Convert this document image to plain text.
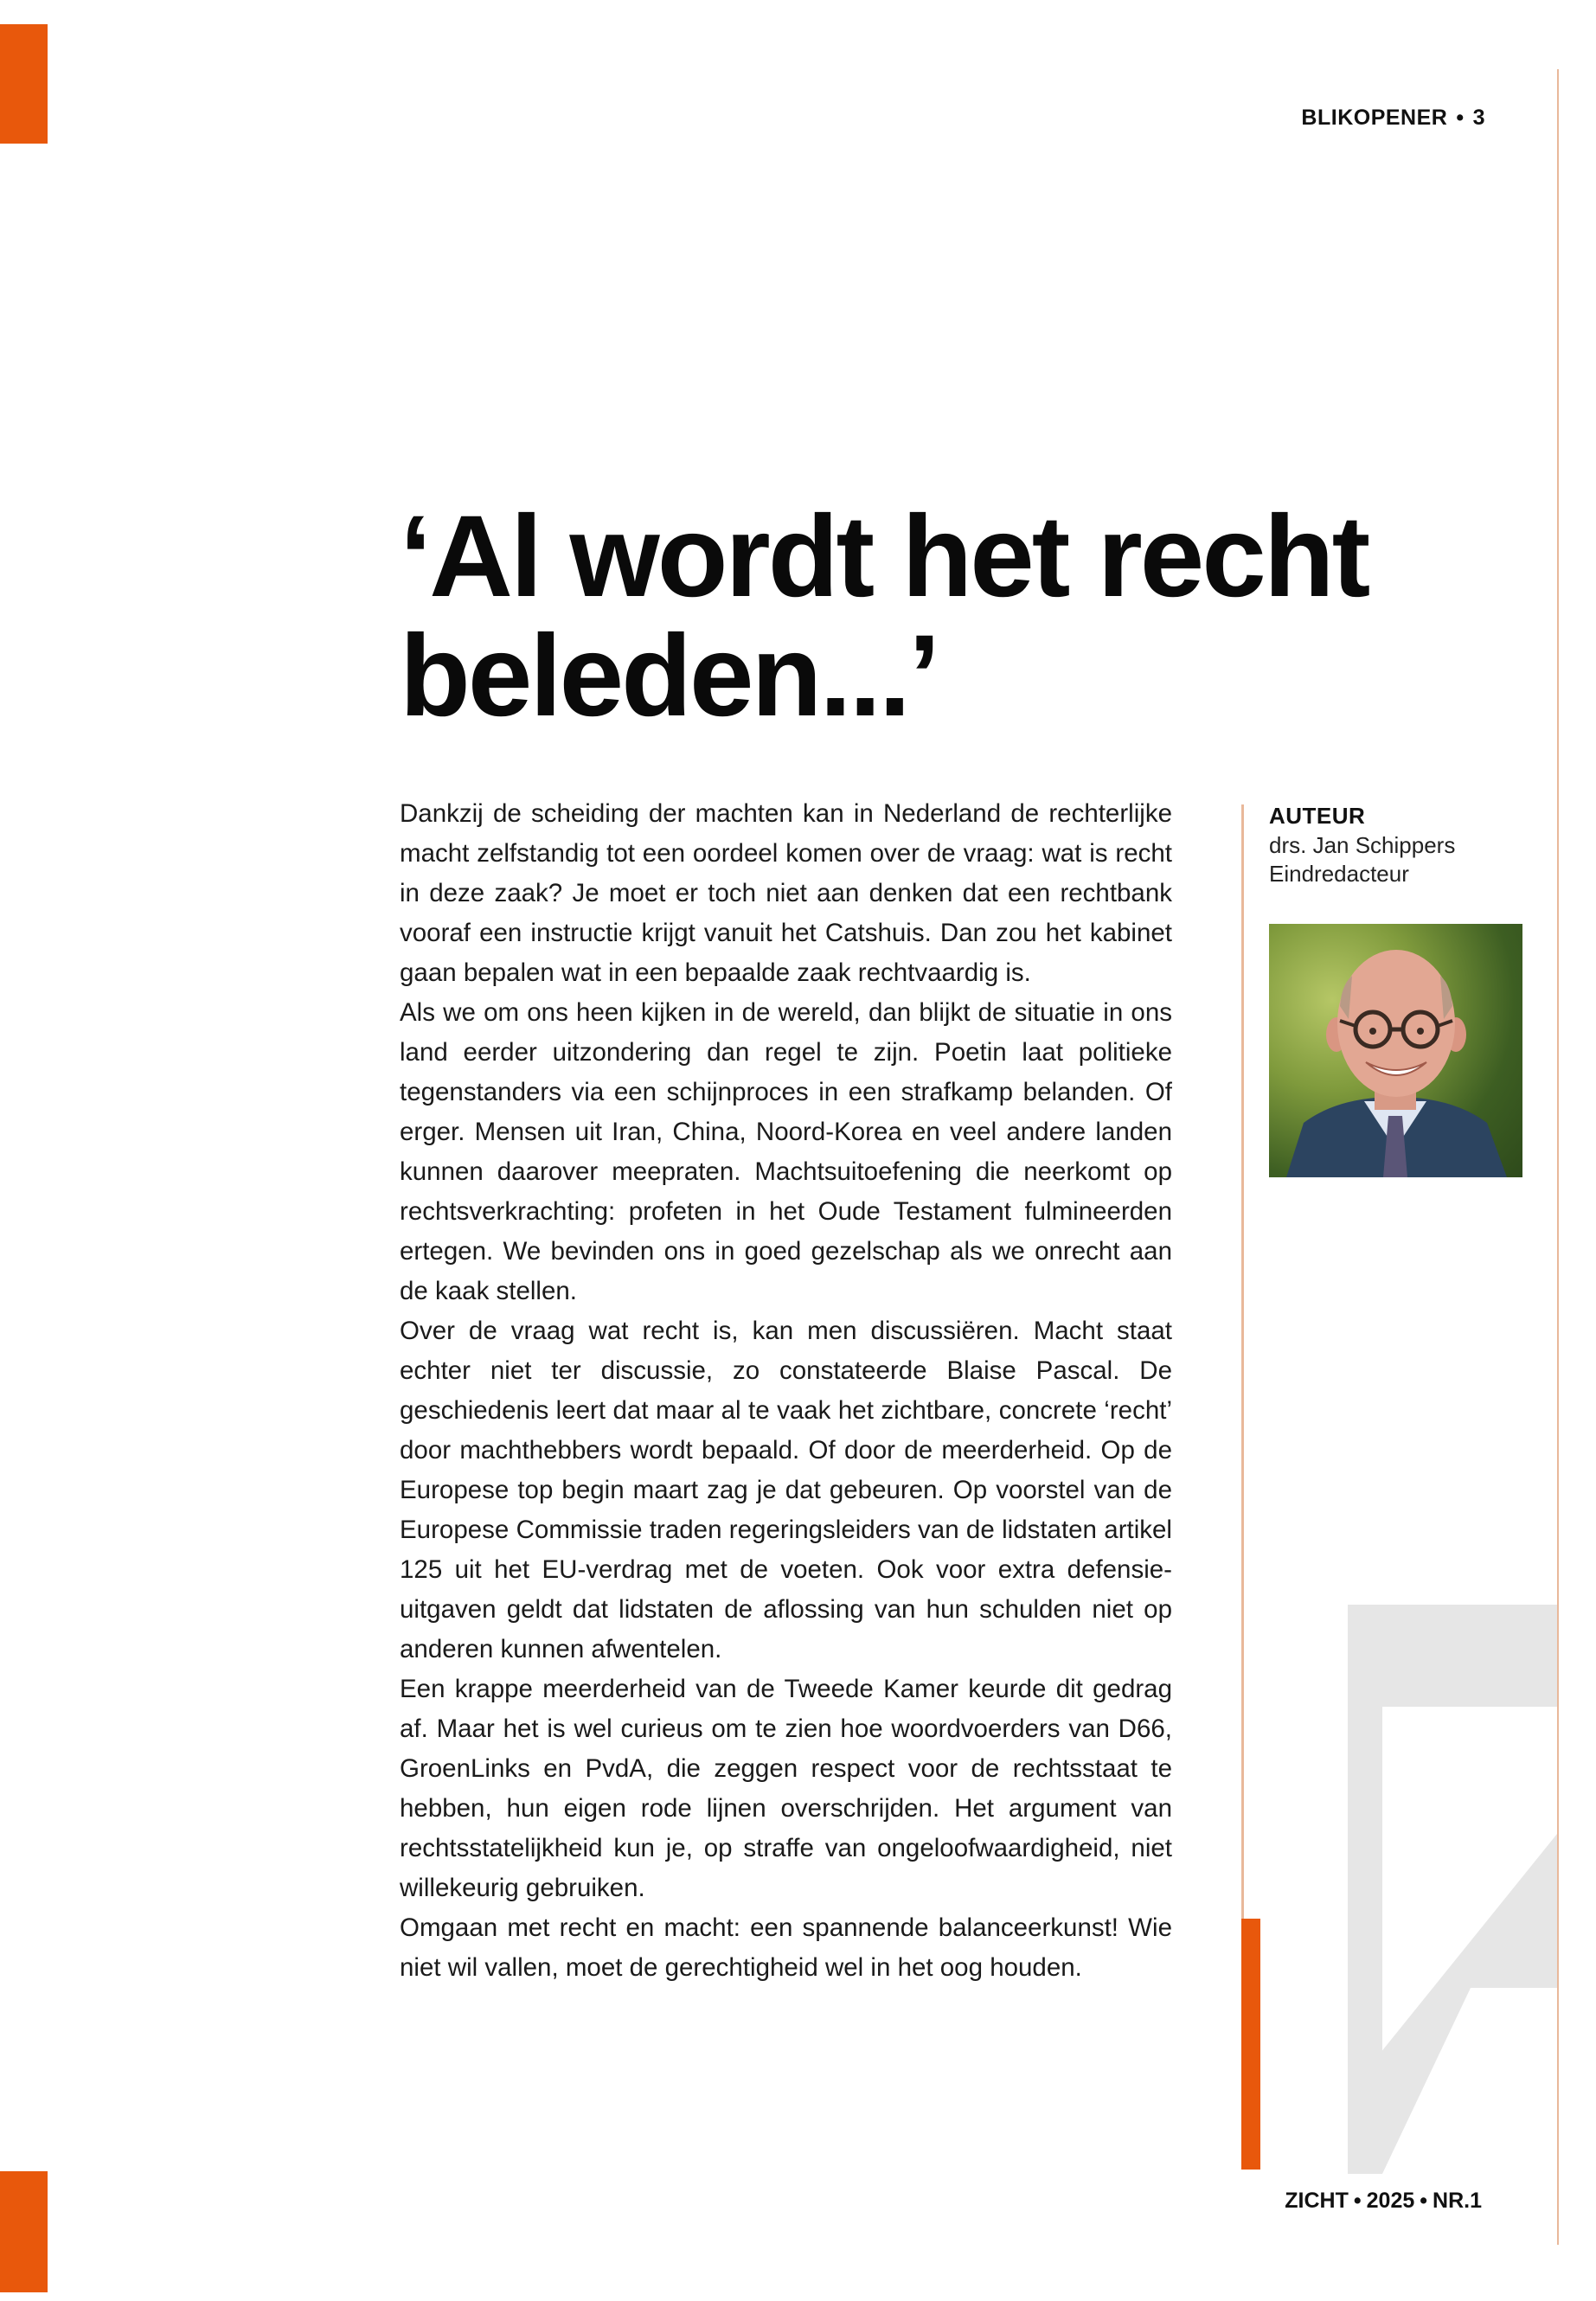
BLIKOPENER • 3
‘Al wordt het recht
beleden...’

Dankzij de scheiding der machten kan in Nederland de rechterlijke macht zelfstandig tot een oordeel komen over de vraag: wat is recht in deze zaak? Je moet er toch niet aan denken dat een rechtbank vooraf een instructie krijgt vanuit het Catshuis. Dan zou het kabinet gaan bepalen wat in een bepaalde zaak rechtvaardig is.

Als we om ons heen kijken in de wereld, dan blijkt de situatie in ons land eerder uitzondering dan regel te zijn. Poetin laat politieke tegenstanders via een schijnproces in een strafkamp belanden. Of erger. Mensen uit Iran, China, Noord-Korea en veel andere landen kunnen daarover meepraten. Machtsuitoefening die neerkomt op rechtsverkrachting: profeten in het Oude Testament fulmineerden ertegen. We bevinden ons in goed gezelschap als we onrecht aan de kaak stellen.

Over de vraag wat recht is, kan men discussiëren. Macht staat echter niet ter discussie, zo constateerde Blaise Pascal. De geschiedenis leert dat maar al te vaak het zichtbare, concrete ‘recht’ door machthebbers wordt bepaald. Of door de meerderheid. Op de Europese top begin maart zag je dat gebeuren. Op voorstel van de Europese Commissie traden regeringsleiders van de lidstaten artikel 125 uit het EU-verdrag met de voeten. Ook voor extra defensie-uitgaven geldt dat lidstaten de aflossing van hun schulden niet op anderen kunnen afwentelen.

Een krappe meerderheid van de Tweede Kamer keurde dit gedrag af. Maar het is wel curieus om te zien hoe woordvoerders van D66, GroenLinks en PvdA, die zeggen respect voor de rechtsstaat te hebben, hun eigen rode lijnen overschrijden. Het argument van rechtsstatelijkheid kun je, op straffe van ongeloofwaardigheid, niet willekeurig gebruiken.

Omgaan met recht en macht: een spannende balanceerkunst! Wie niet wil vallen, moet de gerechtigheid wel in het oog houden.

AUTEUR
drs. Jan Schippers
Eindredacteur
ZICHT • 2025 • NR.1
